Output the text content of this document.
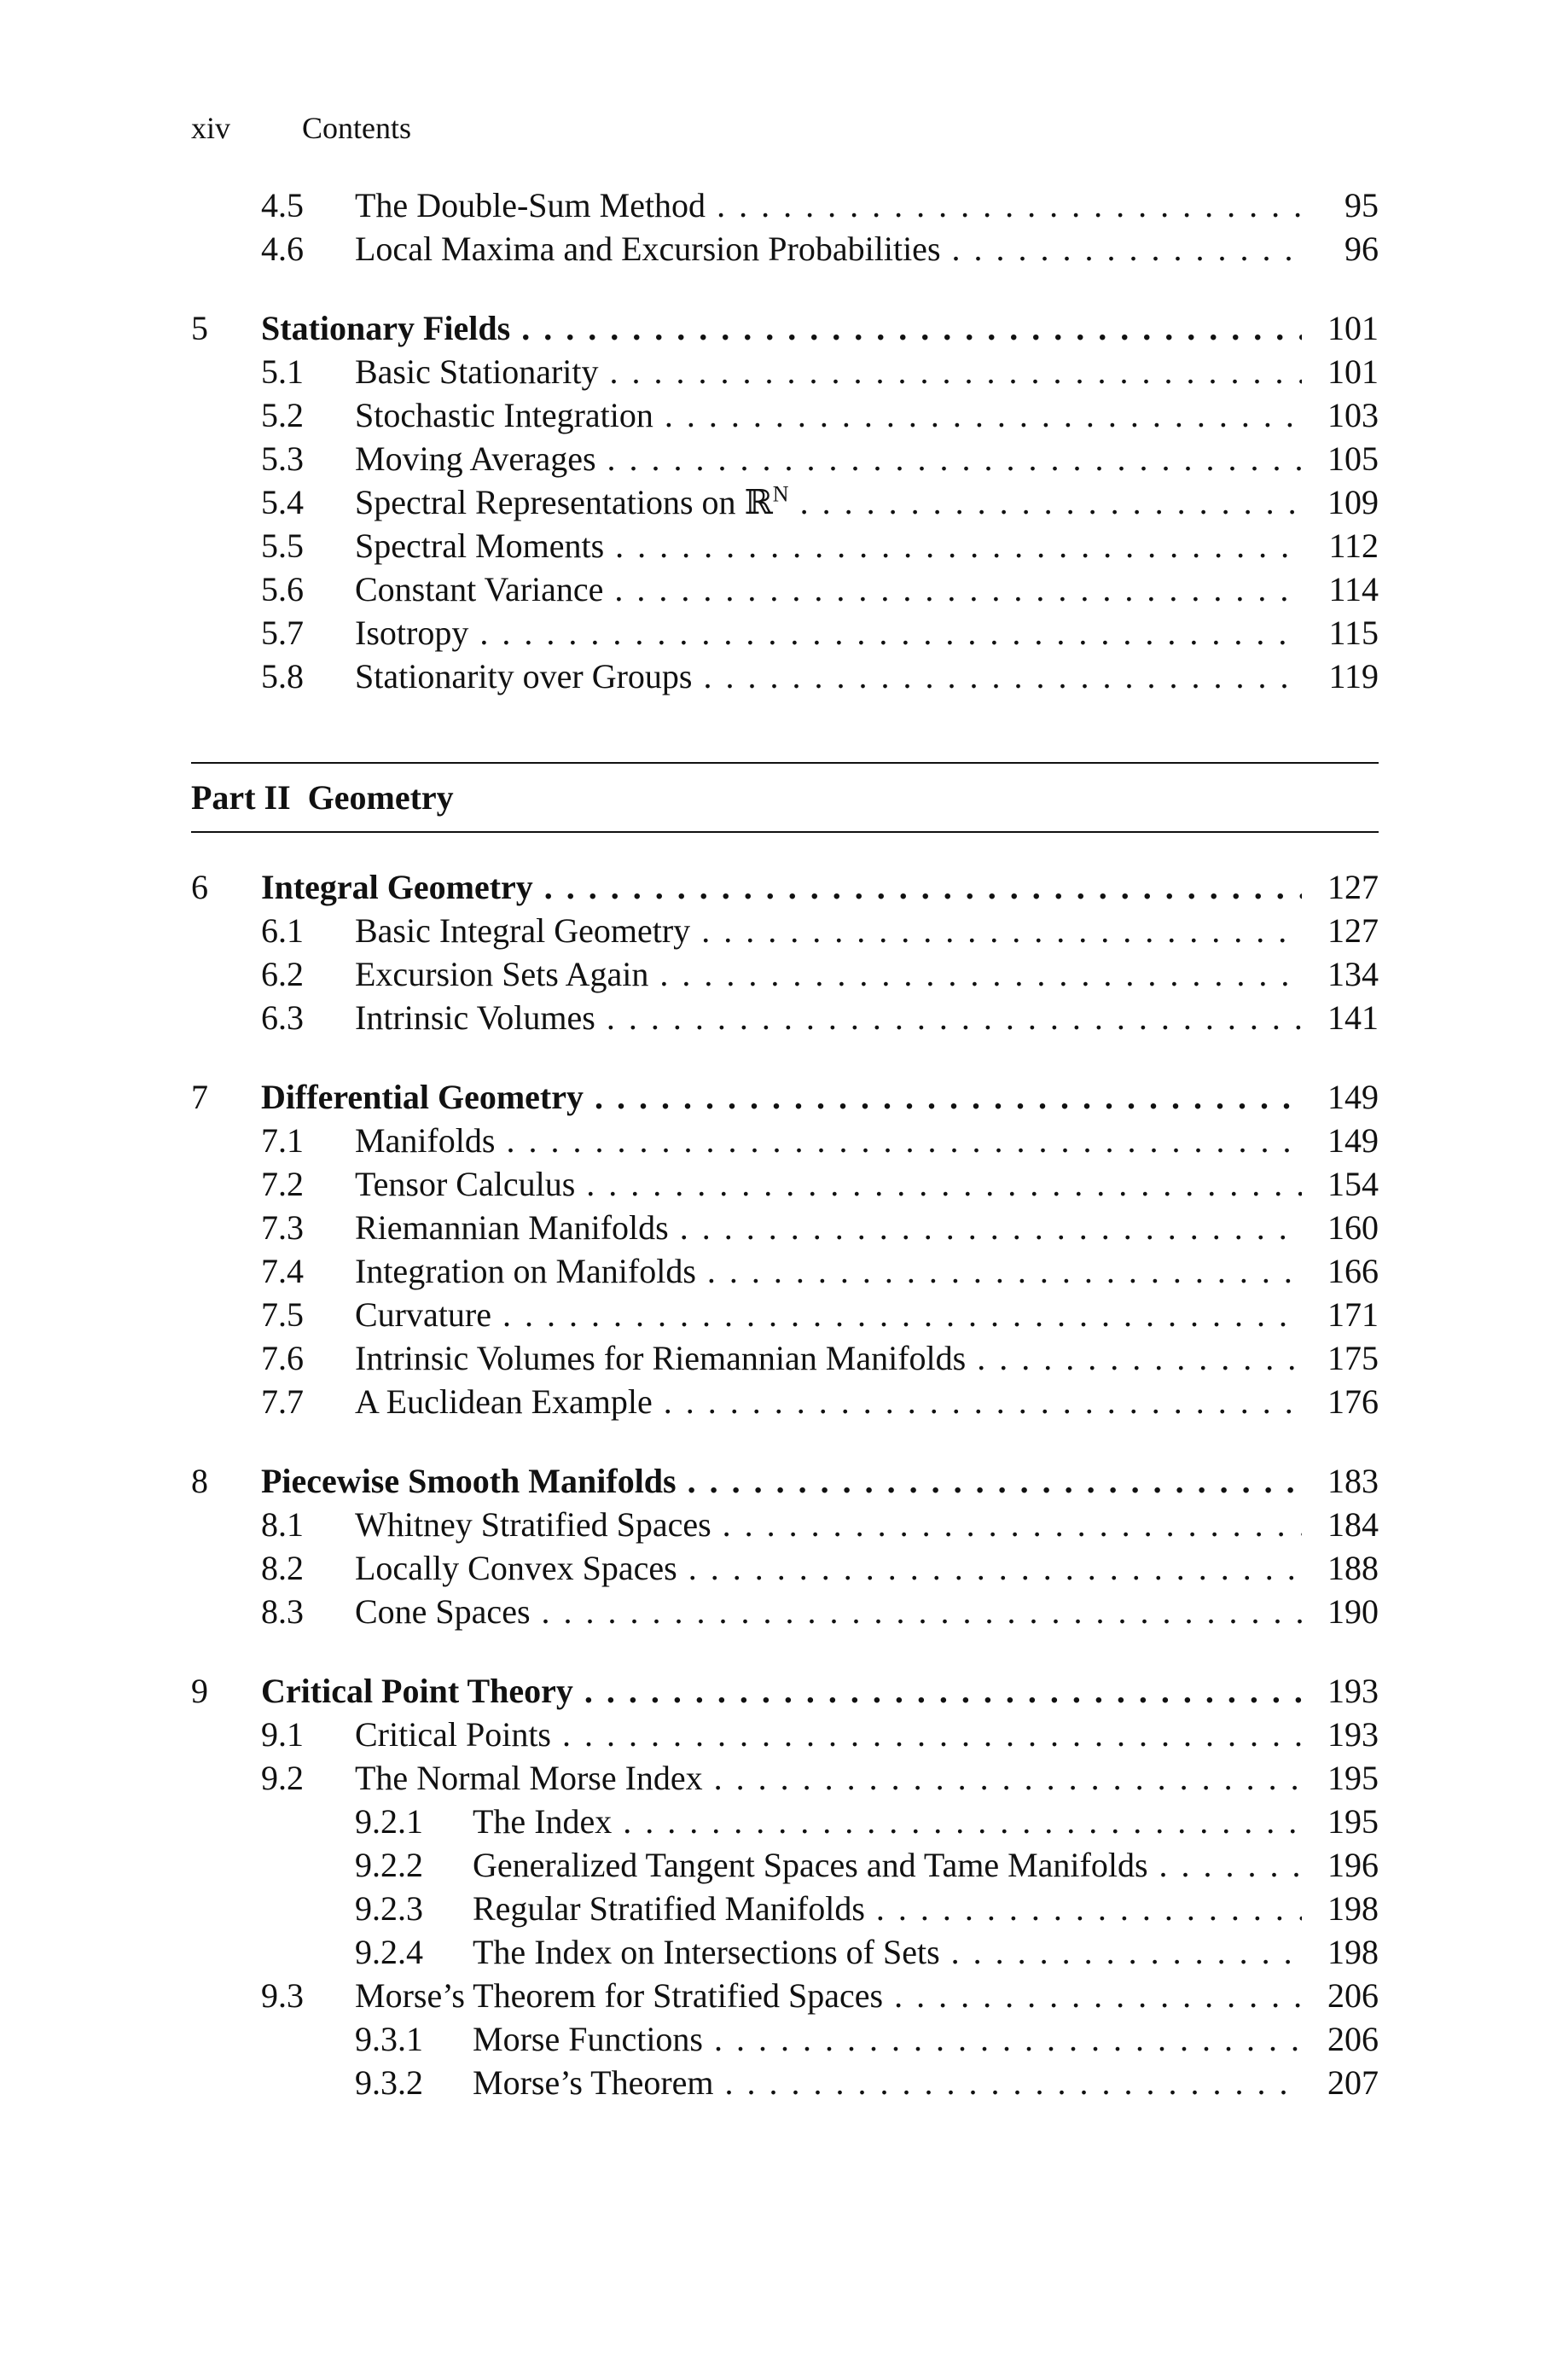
xiv Contents
4.5 The Double-Sum Method . . .	95
4.6 Local Maxima and Excursion Probabilities . . .	96
5 Stationary Fields . . .	101
5.1 Basic Stationarity . . .	101
5.2 Stochastic Integration . . .	103
5.3 Moving Averages . . .	105
5.4 Spectral Representations on ℝ$^N$ . . .	109
5.5 Spectral Moments . . .	112
5.6 Constant Variance . . .	114
5.7 Isotropy . . .	115
5.8 Stationarity over Groups . . .	119
Part II Geometry
6 Integral Geometry . . .	127
6.1 Basic Integral Geometry . . .	127
6.2 Excursion Sets Again . . .	134
6.3 Intrinsic Volumes . . .	141
7 Differential Geometry . . .	149
7.1 Manifolds . . .	149
7.2 Tensor Calculus . . .	154
7.3 Riemannian Manifolds . . .	160
7.4 Integration on Manifolds . . .	166
7.5 Curvature . . .	171
7.6 Intrinsic Volumes for Riemannian Manifolds . . .	175
7.7 A Euclidean Example . . .	176
8 Piecewise Smooth Manifolds . . .	183
8.1 Whitney Stratified Spaces . . .	184
8.2 Locally Convex Spaces . . .	188
8.3 Cone Spaces . . .	190
9 Critical Point Theory . . .	193
9.1 Critical Points . . .	193
9.2 The Normal Morse Index . . .	195
9.2.1 The Index . . .	195
9.2.2 Generalized Tangent Spaces and Tame Manifolds . . .	196
9.2.3 Regular Stratified Manifolds . . .	198
9.2.4 The Index on Intersections of Sets . . .	198
9.3 Morse’s Theorem for Stratified Spaces . . .	206
9.3.1 Morse Functions . . .	206
9.3.2 Morse’s Theorem . . .	207
